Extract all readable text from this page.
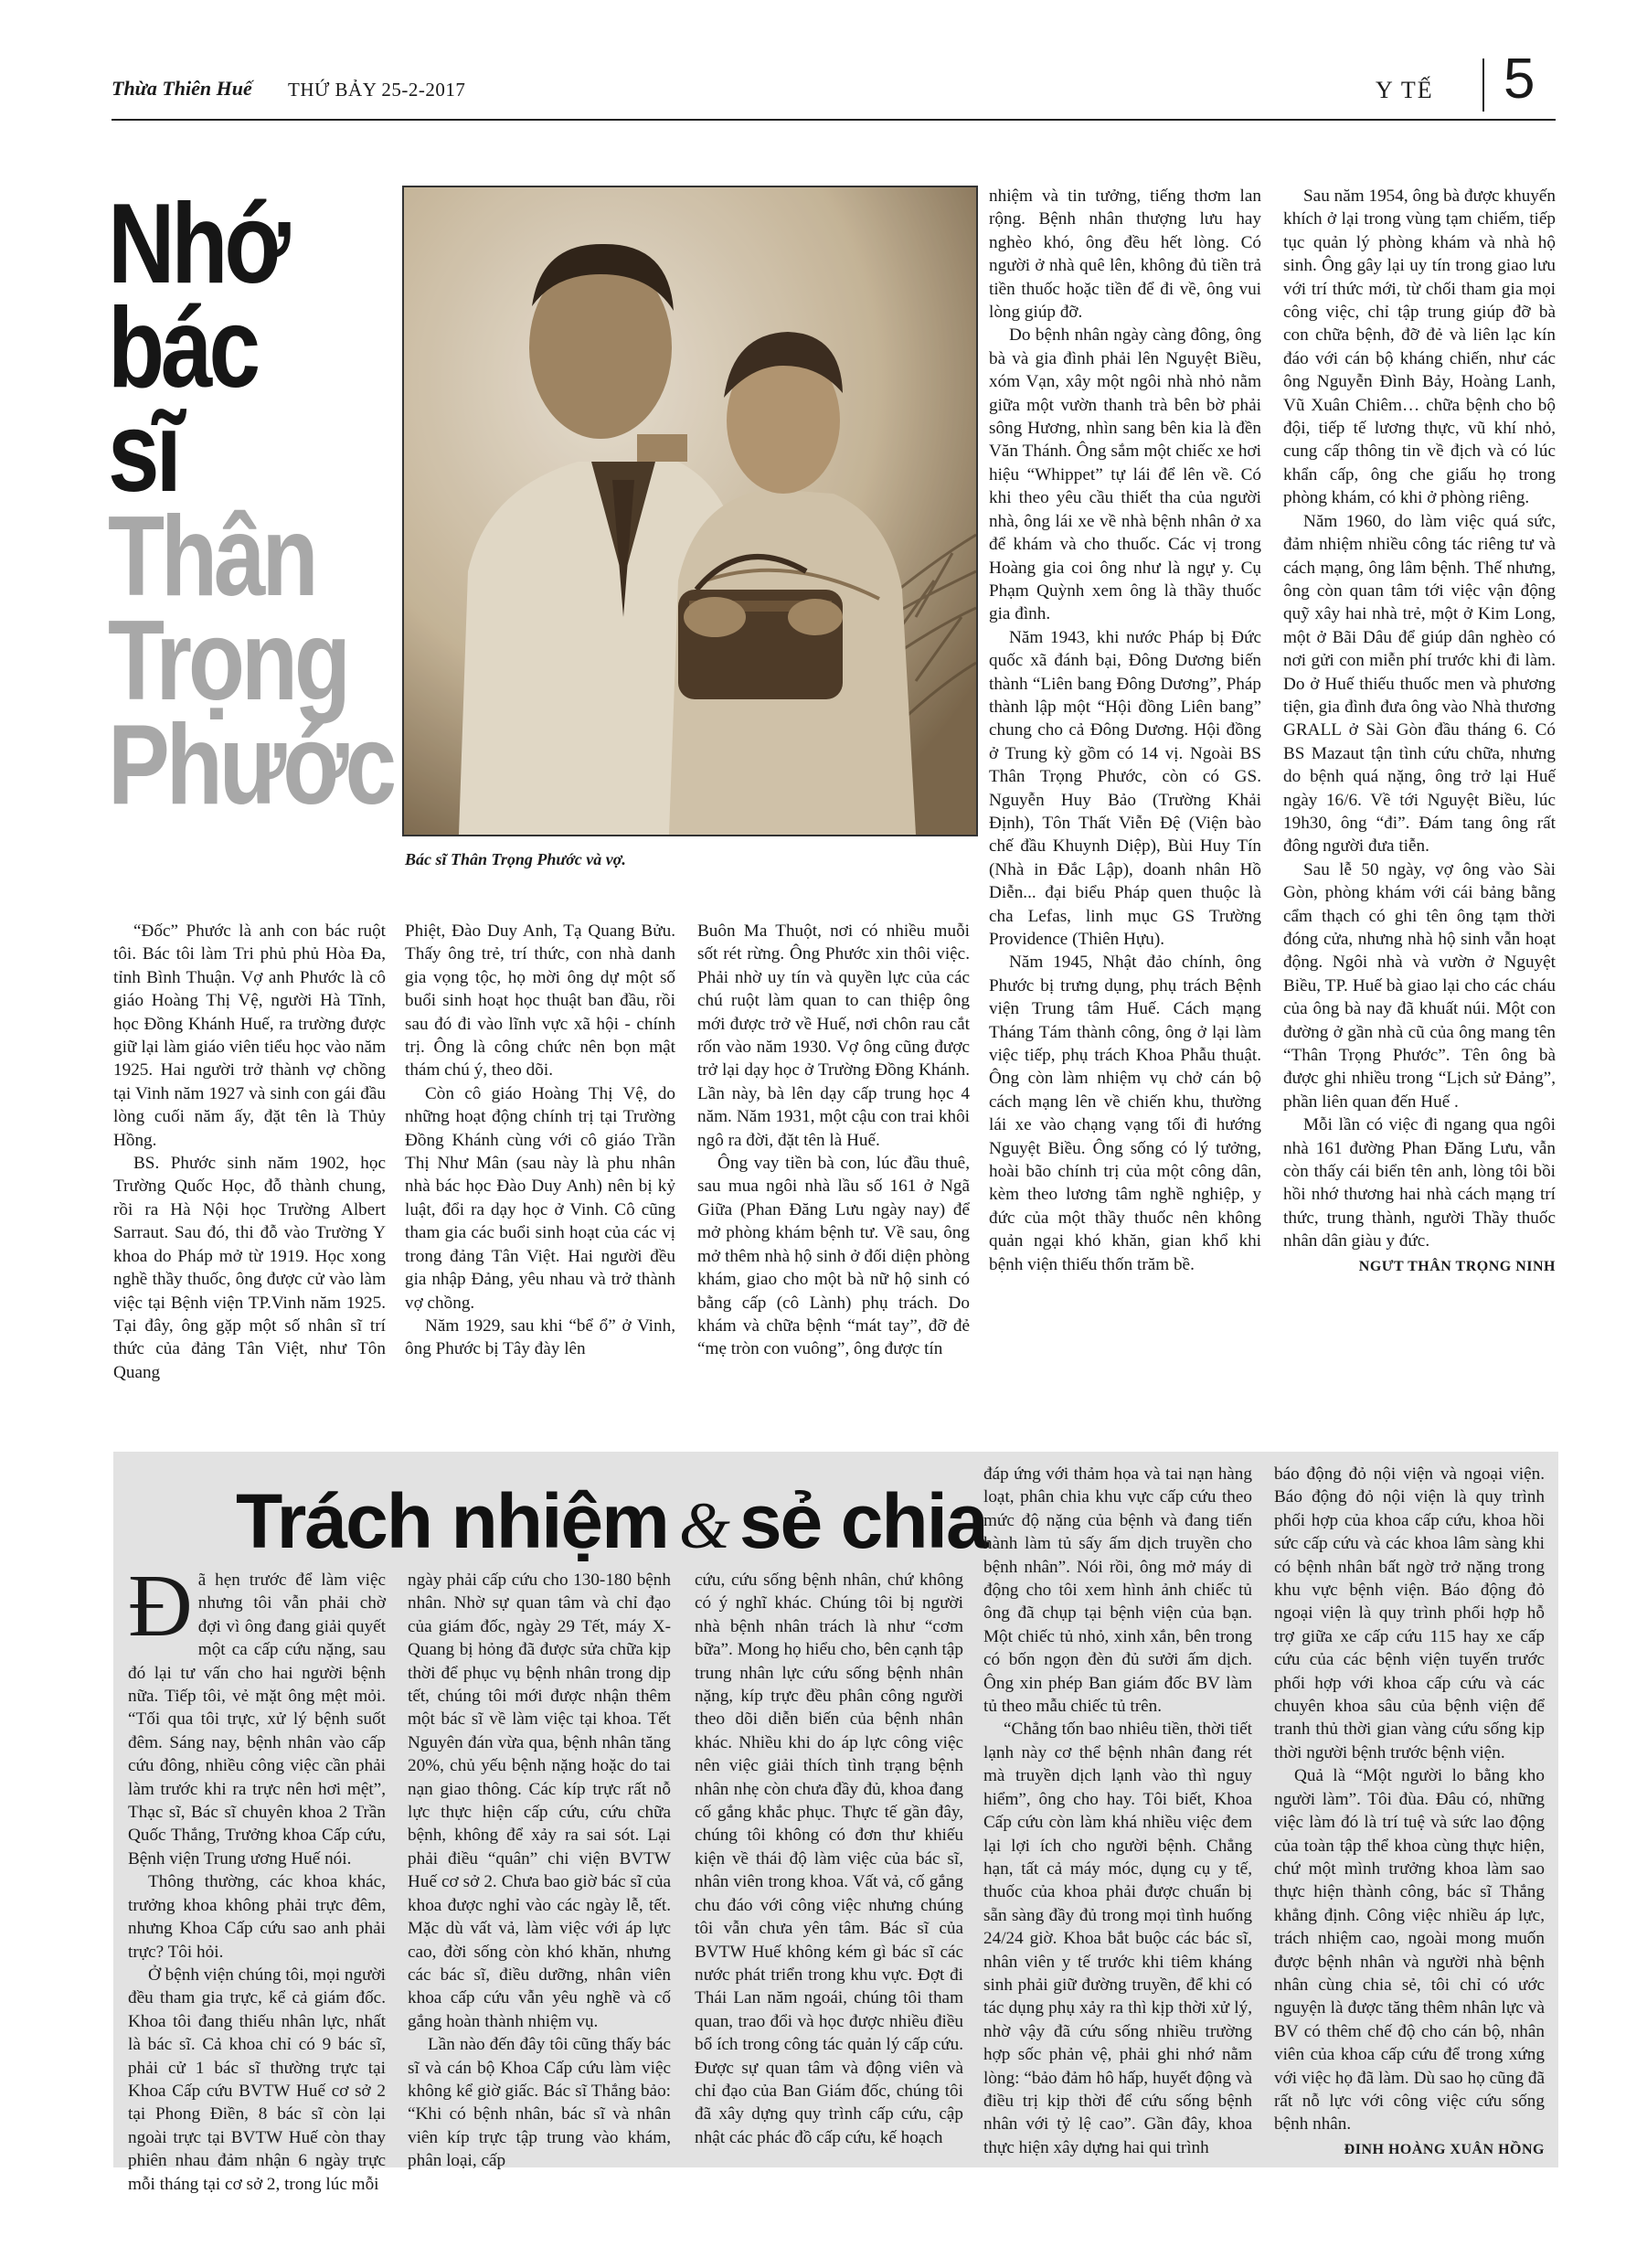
Thừa Thiên Huế THỨ BẢY 25-2-2017	Y TẾ 5
Nhớ
bác sĩ
Thân
Trọng
Phước
Bác sĩ Thân Trọng Phước và vợ.

“Đốc” Phước là anh con bác ruột tôi. Bác tôi làm Tri phủ phủ Hòa Đa, tỉnh Bình Thuận. Vợ anh Phước là cô giáo Hoàng Thị Vệ, người Hà Tĩnh, học Đồng Khánh Huế, ra trường được giữ lại làm giáo viên tiểu học vào năm 1925. Hai người trở thành vợ chồng tại Vinh năm 1927 và sinh con gái đầu lòng cuối năm ấy, đặt tên là Thủy Hồng.

BS. Phước sinh năm 1902, học Trường Quốc Học, đỗ thành chung, rồi ra Hà Nội học Trường Albert Sarraut. Sau đó, thi đỗ vào Trường Y khoa do Pháp mở từ 1919. Học xong nghề thầy thuốc, ông được cử vào làm việc tại Bệnh viện TP.Vinh năm 1925. Tại đây, ông gặp một số nhân sĩ trí thức của đảng Tân Việt, như Tôn Quang

Phiệt, Đào Duy Anh, Tạ Quang Bửu. Thấy ông trẻ, trí thức, con nhà danh gia vọng tộc, họ mời ông dự một số buổi sinh hoạt học thuật ban đầu, rồi sau đó đi vào lĩnh vực xã hội - chính trị. Ông là công chức nên bọn mật thám chú ý, theo dõi.

Còn cô giáo Hoàng Thị Vệ, do những hoạt động chính trị tại Trường Đồng Khánh cùng với cô giáo Trần Thị Như Mân (sau này là phu nhân nhà bác học Đào Duy Anh) nên bị kỷ luật, đổi ra dạy học ở Vinh. Cô cũng tham gia các buổi sinh hoạt của các vị trong đảng Tân Việt. Hai người đều gia nhập Đảng, yêu nhau và trở thành vợ chồng.

Năm 1929, sau khi “bể ổ” ở Vinh, ông Phước bị Tây đày lên

Buôn Ma Thuột, nơi có nhiều muỗi sốt rét rừng. Ông Phước xin thôi việc. Phải nhờ uy tín và quyền lực của các chú ruột làm quan to can thiệp ông mới được trở về Huế, nơi chôn rau cắt rốn vào năm 1930. Vợ ông cũng được trở lại dạy học ở Trường Đồng Khánh. Lần này, bà lên dạy cấp trung học 4 năm. Năm 1931, một cậu con trai khôi ngô ra đời, đặt tên là Huế.

Ông vay tiền bà con, lúc đầu thuê, sau mua ngôi nhà lầu số 161 ở Ngã Giữa (Phan Đăng Lưu ngày nay) để mở phòng khám bệnh tư. Về sau, ông mở thêm nhà hộ sinh ở đối diện phòng khám, giao cho một bà nữ hộ sinh có bằng cấp (cô Lành) phụ trách. Do khám và chữa bệnh “mát tay”, đỡ đẻ “mẹ tròn con vuông”, ông được tín

nhiệm và tin tưởng, tiếng thơm lan rộng. Bệnh nhân thượng lưu hay nghèo khó, ông đều hết lòng. Có người ở nhà quê lên, không đủ tiền trả tiền thuốc hoặc tiền để đi về, ông vui lòng giúp đỡ.

Do bệnh nhân ngày càng đông, ông bà và gia đình phải lên Nguyệt Biều, xóm Vạn, xây một ngôi nhà nhỏ nằm giữa một vườn thanh trà bên bờ phải sông Hương, nhìn sang bên kia là đền Văn Thánh. Ông sắm một chiếc xe hơi hiệu “Whippet” tự lái để lên về. Có khi theo yêu cầu thiết tha của người nhà, ông lái xe về nhà bệnh nhân ở xa để khám và cho thuốc. Các vị trong Hoàng gia coi ông như là ngự y. Cụ Phạm Quỳnh xem ông là thầy thuốc gia đình.

Năm 1943, khi nước Pháp bị Đức quốc xã đánh bại, Đông Dương biến thành “Liên bang Đông Dương”, Pháp thành lập một “Hội đồng Liên bang” chung cho cả Đông Dương. Hội đồng ở Trung kỳ gồm có 14 vị. Ngoài BS Thân Trọng Phước, còn có GS. Nguyễn Huy Bảo (Trường Khải Định), Tôn Thất Viễn Đệ (Viện bào chế đầu Khuynh Diệp), Bùi Huy Tín (Nhà in Đắc Lập), doanh nhân Hồ Diễn... đại biểu Pháp quen thuộc là cha Lefas, linh mục GS Trường Providence (Thiên Hựu).

Năm 1945, Nhật đảo chính, ông Phước bị trưng dụng, phụ trách Bệnh viện Trung tâm Huế. Cách mạng Tháng Tám thành công, ông ở lại làm việc tiếp, phụ trách Khoa Phẫu thuật. Ông còn làm nhiệm vụ chở cán bộ cách mạng lên về chiến khu, thường lái xe vào chạng vạng tối đi hướng Nguyệt Biều. Ông sống có lý tưởng, hoài bão chính trị của một công dân, kèm theo lương tâm nghề nghiệp, y đức của một thầy thuốc nên không quản ngại khó khăn, gian khổ khi bệnh viện thiếu thốn trăm bề.

Sau năm 1954, ông bà được khuyến khích ở lại trong vùng tạm chiếm, tiếp tục quản lý phòng khám và nhà hộ sinh. Ông gây lại uy tín trong giao lưu với trí thức mới, từ chối tham gia mọi công việc, chỉ tập trung giúp đỡ bà con chữa bệnh, đỡ đẻ và liên lạc kín đáo với cán bộ kháng chiến, như các ông Nguyễn Đình Bảy, Hoàng Lanh, Vũ Xuân Chiêm… chữa bệnh cho bộ đội, tiếp tế lương thực, vũ khí nhỏ, cung cấp thông tin về địch và có lúc khẩn cấp, ông che giấu họ trong phòng khám, có khi ở phòng riêng.

Năm 1960, do làm việc quá sức, đảm nhiệm nhiều công tác riêng tư và cách mạng, ông lâm bệnh. Thế nhưng, ông còn quan tâm tới việc vận động quỹ xây hai nhà trẻ, một ở Kim Long, một ở Bãi Dâu để giúp dân nghèo có nơi gửi con miễn phí trước khi đi làm. Do ở Huế thiếu thuốc men và phương tiện, gia đình đưa ông vào Nhà thương GRALL ở Sài Gòn đầu tháng 6. Có BS Mazaut tận tình cứu chữa, nhưng do bệnh quá nặng, ông trở lại Huế ngày 16/6. Về tới Nguyệt Biều, lúc 19h30, ông “đi”. Đám tang ông rất đông người đưa tiễn.

Sau lễ 50 ngày, vợ ông vào Sài Gòn, phòng khám với cái bảng bằng cẩm thạch có ghi tên ông tạm thời đóng cửa, nhưng nhà hộ sinh vẫn hoạt động. Ngôi nhà và vườn ở Nguyệt Biều, TP. Huế bà giao lại cho các cháu của ông bà nay đã khuất núi. Một con đường ở gần nhà cũ của ông mang tên “Thân Trọng Phước”. Tên ông bà được ghi nhiều trong “Lịch sử Đảng”, phần liên quan đến Huế .

Mỗi lần có việc đi ngang qua ngôi nhà 161 đường Phan Đăng Lưu, vẫn còn thấy cái biển tên anh, lòng tôi bồi hồi nhớ thương hai nhà cách mạng trí thức, trung thành, người Thầy thuốc nhân dân giàu y đức.

NGƯT THÂN TRỌNG NINH
Trách nhiệm & sẻ chia

Đã hẹn trước để làm việc nhưng tôi vẫn phải chờ đợi vì ông đang giải quyết một ca cấp cứu nặng, sau đó lại tư vấn cho hai người bệnh nữa. Tiếp tôi, vẻ mặt ông mệt mỏi. “Tối qua tôi trực, xử lý bệnh suốt đêm. Sáng nay, bệnh nhân vào cấp cứu đông, nhiều công việc cần phải làm trước khi ra trực nên hơi mệt”, Thạc sĩ, Bác sĩ chuyên khoa 2 Trần Quốc Thắng, Trưởng khoa Cấp cứu, Bệnh viện Trung ương Huế nói.

Thông thường, các khoa khác, trưởng khoa không phải trực đêm, nhưng Khoa Cấp cứu sao anh phải trực? Tôi hỏi.

Ở bệnh viện chúng tôi, mọi người đều tham gia trực, kể cả giám đốc. Khoa tôi đang thiếu nhân lực, nhất là bác sĩ. Cả khoa chỉ có 9 bác sĩ, phải cử 1 bác sĩ thường trực tại Khoa Cấp cứu BVTW Huế cơ sở 2 tại Phong Điền, 8 bác sĩ còn lại ngoài trực tại BVTW Huế còn thay phiên nhau đảm nhận 6 ngày trực mỗi tháng tại cơ sở 2, trong lúc mỗi

ngày phải cấp cứu cho 130-180 bệnh nhân. Nhờ sự quan tâm và chỉ đạo của giám đốc, ngày 29 Tết, máy X-Quang bị hỏng đã được sửa chữa kịp thời để phục vụ bệnh nhân trong dịp tết, chúng tôi mới được nhận thêm một bác sĩ về làm việc tại khoa. Tết Nguyên đán vừa qua, bệnh nhân tăng 20%, chủ yếu bệnh nặng hoặc do tai nạn giao thông. Các kíp trực rất nỗ lực thực hiện cấp cứu, cứu chữa bệnh, không để xảy ra sai sót. Lại phải điều “quân” chi viện BVTW Huế cơ sở 2. Chưa bao giờ bác sĩ của khoa được nghỉ vào các ngày lễ, tết. Mặc dù vất vả, làm việc với áp lực cao, đời sống còn khó khăn, nhưng các bác sĩ, điều dưỡng, nhân viên khoa cấp cứu vẫn yêu nghề và cố gắng hoàn thành nhiệm vụ.

Lần nào đến đây tôi cũng thấy bác sĩ và cán bộ Khoa Cấp cứu làm việc không kể giờ giấc. Bác sĩ Thắng bảo: “Khi có bệnh nhân, bác sĩ và nhân viên kíp trực tập trung vào khám, phân loại, cấp

cứu, cứu sống bệnh nhân, chứ không có ý nghĩ khác. Chúng tôi bị người nhà bệnh nhân trách là như “cơm bữa”. Mong họ hiểu cho, bên cạnh tập trung nhân lực cứu sống bệnh nhân nặng, kíp trực đều phân công người theo dõi diễn biến của bệnh nhân khác. Nhiều khi do áp lực công việc nên việc giải thích tình trạng bệnh nhân nhẹ còn chưa đầy đủ, khoa đang cố gắng khắc phục. Thực tế gần đây, chúng tôi không có đơn thư khiếu kiện về thái độ làm việc của bác sĩ, nhân viên trong khoa. Vất vả, cố gắng chu đáo với công việc nhưng chúng tôi vẫn chưa yên tâm. Bác sĩ của BVTW Huế không kém gì bác sĩ các nước phát triển trong khu vực. Đợt đi Thái Lan năm ngoái, chúng tôi tham quan, trao đổi và học được nhiều điều bổ ích trong công tác quản lý cấp cứu. Được sự quan tâm và động viên và chỉ đạo của Ban Giám đốc, chúng tôi đã xây dựng quy trình cấp cứu, cập nhật các phác đồ cấp cứu, kế hoạch

đáp ứng với thảm họa và tai nạn hàng loạt, phân chia khu vực cấp cứu theo mức độ nặng của bệnh và đang tiến hành làm tủ sấy ấm dịch truyền cho bệnh nhân”. Nói rồi, ông mở máy di động cho tôi xem hình ảnh chiếc tủ ông đã chụp tại bệnh viện của bạn. Một chiếc tủ nhỏ, xinh xắn, bên trong có bốn ngọn đèn đủ sưởi ấm dịch. Ông xin phép Ban giám đốc BV làm tủ theo mẫu chiếc tủ trên.

“Chẳng tốn bao nhiêu tiền, thời tiết lạnh này cơ thể bệnh nhân đang rét mà truyền dịch lạnh vào thì nguy hiểm”, ông cho hay. Tôi biết, Khoa Cấp cứu còn làm khá nhiều việc đem lại lợi ích cho người bệnh. Chẳng hạn, tất cả máy móc, dụng cụ y tế, thuốc của khoa phải được chuẩn bị sẵn sàng đầy đủ trong mọi tình huống 24/24 giờ. Khoa bắt buộc các bác sĩ, nhân viên y tế trước khi tiêm kháng sinh phải giữ đường truyền, để khi có tác dụng phụ xảy ra thì kịp thời xử lý, nhờ vậy đã cứu sống nhiều trường hợp sốc phản vệ, phải ghi nhớ nằm lòng: “bảo đảm hô hấp, huyết động và điều trị kịp thời để cứu sống bệnh nhân với tỷ lệ cao”. Gần đây, khoa thực hiện xây dựng hai qui trình

báo động đỏ nội viện và ngoại viện. Báo động đỏ nội viện là quy trình phối hợp của khoa cấp cứu, khoa hồi sức cấp cứu và các khoa lâm sàng khi có bệnh nhân bất ngờ trở nặng trong khu vực bệnh viện. Báo động đỏ ngoại viện là quy trình phối hợp hỗ trợ giữa xe cấp cứu 115 hay xe cấp cứu của các bệnh viện tuyến trước phối hợp với khoa cấp cứu và các chuyên khoa sâu của bệnh viện để tranh thủ thời gian vàng cứu sống kịp thời người bệnh trước bệnh viện.

Quả là “Một người lo bằng kho người làm”. Tôi đùa. Đâu có, những việc làm đó là trí tuệ và sức lao động của toàn tập thể khoa cùng thực hiện, chứ một mình trưởng khoa làm sao thực hiện thành công, bác sĩ Thắng khẳng định. Công việc nhiều áp lực, trách nhiệm cao, ngoài mong muốn được bệnh nhân và người nhà bệnh nhân cùng chia sẻ, tôi chỉ có ước nguyện là được tăng thêm nhân lực và BV có thêm chế độ cho cán bộ, nhân viên của khoa cấp cứu để trong xứng với việc họ đã làm. Dù sao họ cũng đã rất nỗ lực với công việc cứu sống bệnh nhân.

ĐINH HOÀNG XUÂN HỒNG
